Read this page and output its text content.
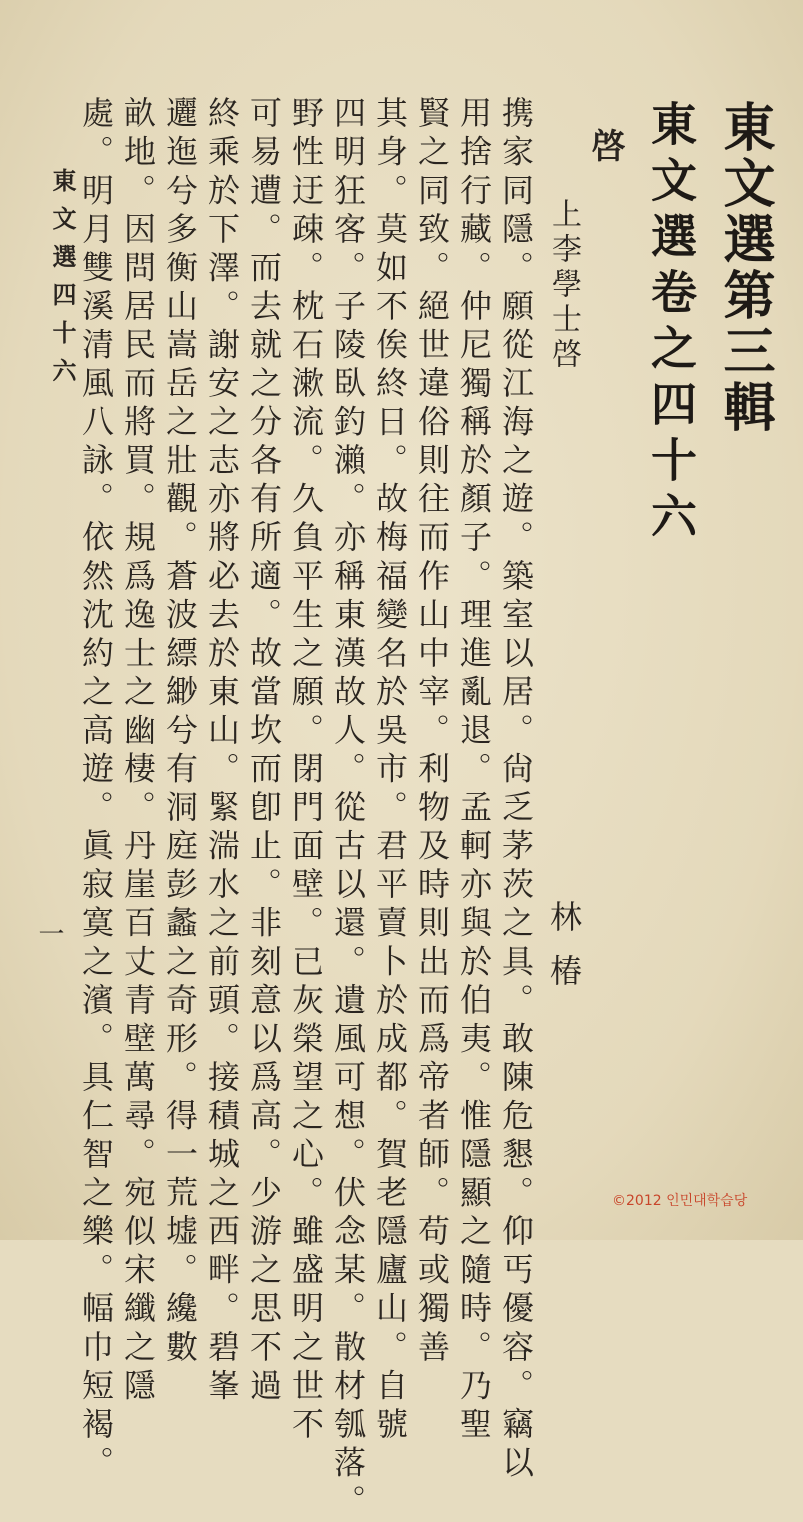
東文選第三輯
東文選卷之四十六
啓
上李學士啓
林椿
携家同隱。願從江海之遊。築室以居。尙乏茅茨之具。敢陳危懇。仰丐優容。竊以
用捨行藏。仲尼獨稱於顏子。理進亂退。孟軻亦與於伯夷。惟隱顯之隨時。乃聖
賢之同致。絕世違俗則往而作山中宰。利物及時則出而爲帝者師。苟或獨善
其身。莫如不俟終日。故梅福變名於吳市。君平賣卜於成都。賀老隱廬山。自號
四明狂客。子陵臥釣瀨。亦稱東漢故人。從古以還。遺風可想。伏念某。散材瓠落。
野性迂疎。枕石漱流。久負平生之願。閉門面壁。已灰榮望之心。雖盛明之世不
可易遭。而去就之分各有所適。故當坎而卽止。非刻意以爲高。少游之思不過
終乘於下澤。謝安之志亦將必去於東山。緊湍水之前頭。接積城之西畔。碧峯
邐迤兮多衡山嵩岳之壯觀。蒼波縹緲兮有洞庭彭蠡之奇形。得一荒墟。纔數
畝地。因問居民而將買。規爲逸士之幽棲。丹崖百丈青壁萬尋。宛似宋纖之隱
處。明月雙溪清風八詠。依然沈約之高遊。眞寂寞之濱。具仁智之樂。幅巾短褐。
東文選四十六
一
©2012 인민대학습당
